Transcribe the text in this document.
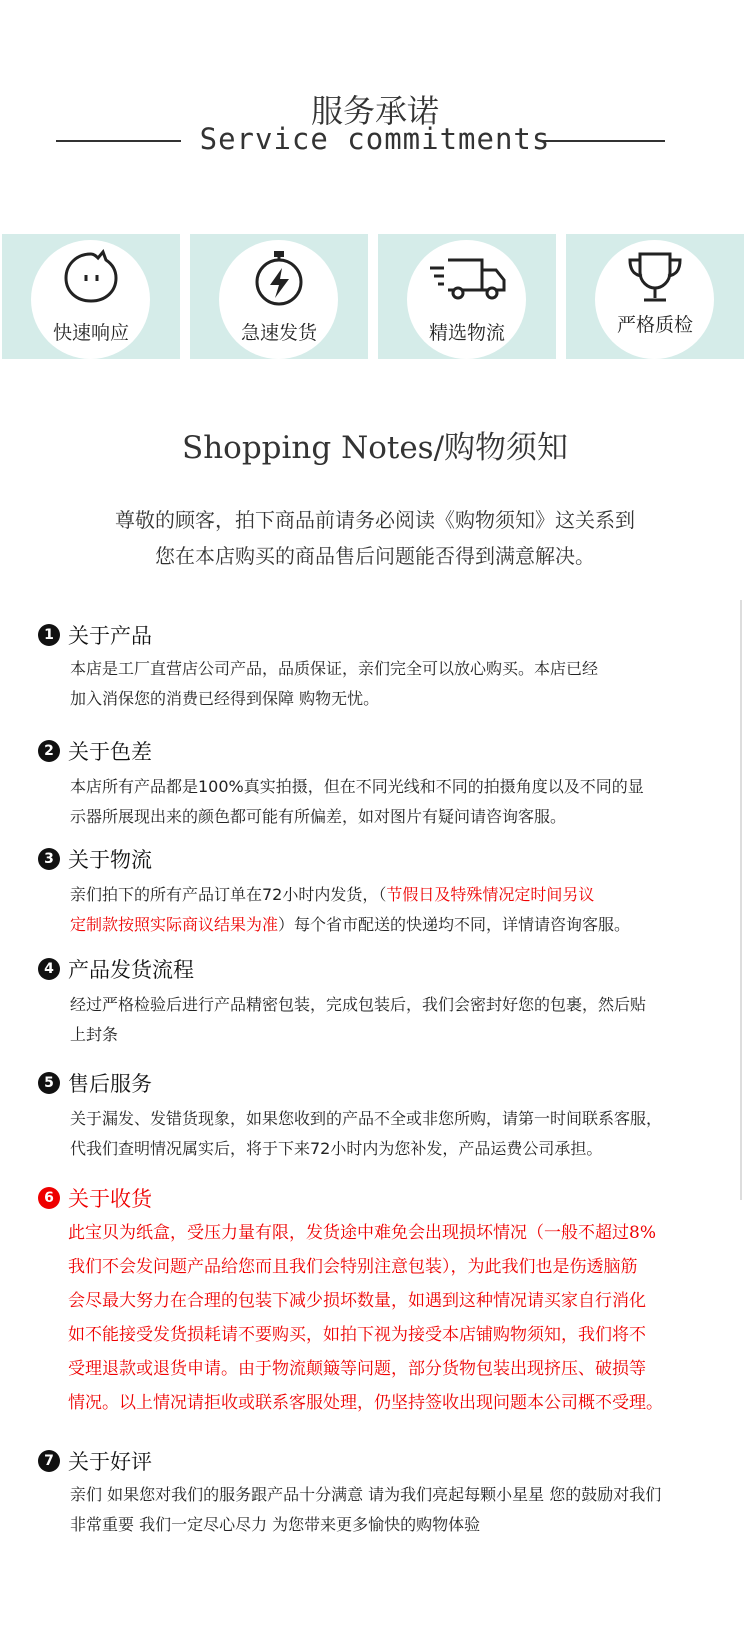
服务承诺
Service commitments
快速响应	急速发货	精选物流	严格质检
Shopping Notes/购物须知
尊敬的顾客，拍下商品前请务必阅读《购物须知》这关系到
您在本店购买的商品售后问题能否得到满意解决。
1 关于产品
本店是工厂直营店公司产品，品质保证，亲们完全可以放心购买。本店已经
加入消保您的消费已经得到保障 购物无忧。
2 关于色差
本店所有产品都是100%真实拍摄，但在不同光线和不同的拍摄角度以及不同的显
示器所展现出来的颜色都可能有所偏差，如对图片有疑问请咨询客服。
3 关于物流
亲们拍下的所有产品订单在72小时内发货，（节假日及特殊情况定时间另议
定制款按照实际商议结果为准）每个省市配送的快递均不同，详情请咨询客服。
4 产品发货流程
经过严格检验后进行产品精密包装，完成包装后，我们会密封好您的包裹，然后贴
上封条
5 售后服务
关于漏发、发错货现象，如果您收到的产品不全或非您所购，请第一时间联系客服，
代我们查明情况属实后，将于下来72小时内为您补发，产品运费公司承担。
6 关于收货
此宝贝为纸盒，受压力量有限，发货途中难免会出现损坏情况（一般不超过8%
我们不会发问题产品给您而且我们会特别注意包装），为此我们也是伤透脑筋
会尽最大努力在合理的包装下减少损坏数量，如遇到这种情况请买家自行消化
如不能接受发货损耗请不要购买，如拍下视为接受本店铺购物须知，我们将不
受理退款或退货申请。由于物流颠簸等问题，部分货物包装出现挤压、破损等
情况。以上情况请拒收或联系客服处理，仍坚持签收出现问题本公司概不受理。
7 关于好评
亲们 如果您对我们的服务跟产品十分满意 请为我们亮起每颗小星星 您的鼓励对我们
非常重要 我们一定尽心尽力 为您带来更多愉快的购物体验
